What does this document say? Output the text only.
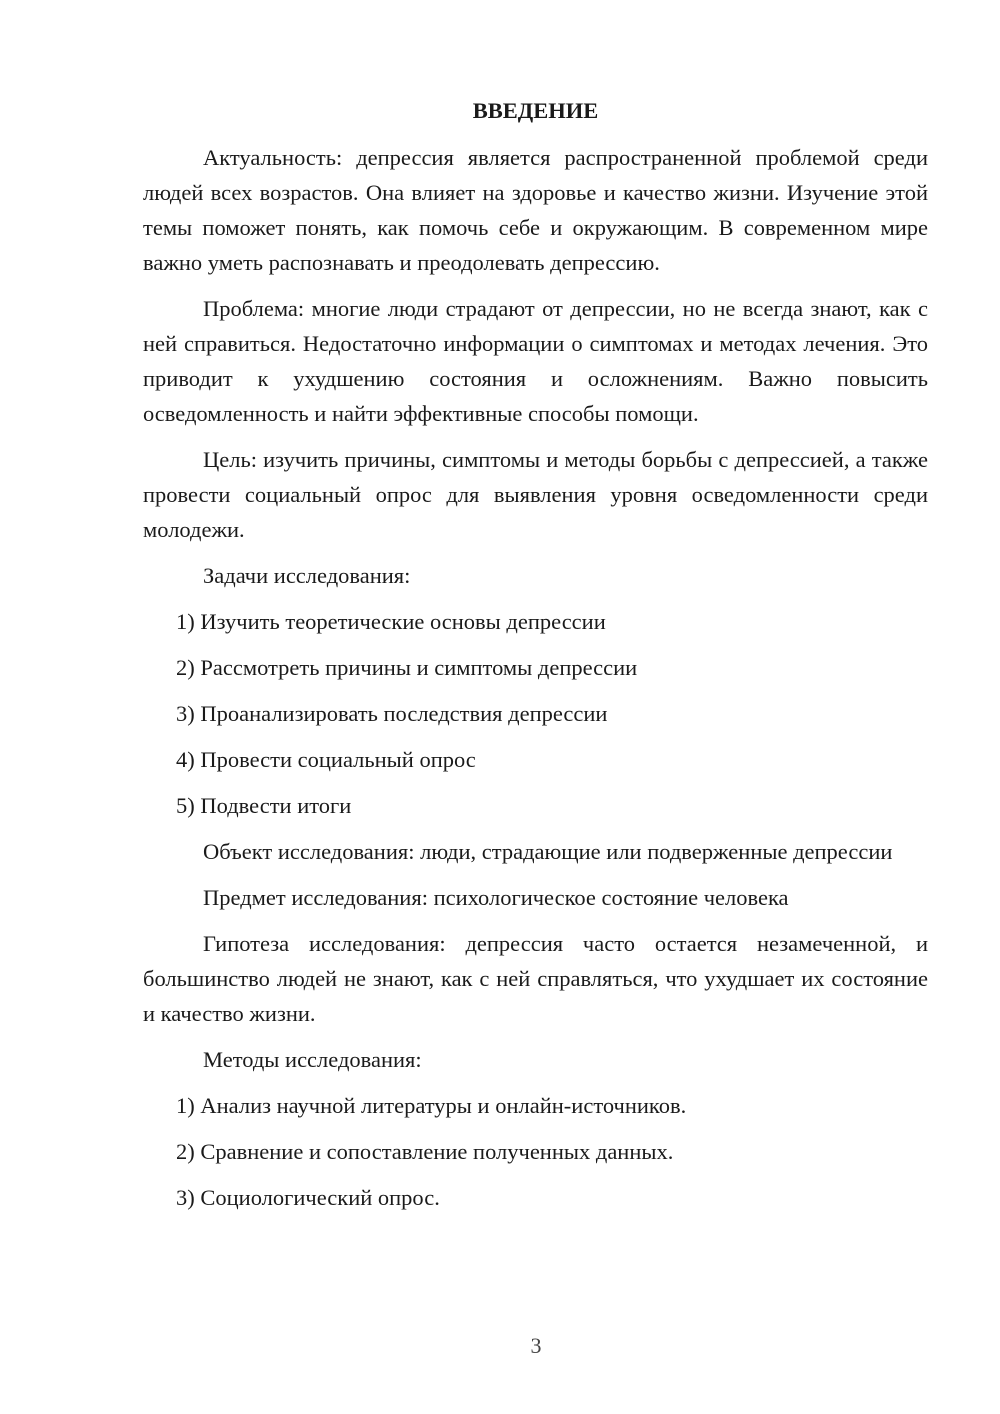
ВВЕДЕНИЕ

Актуальность: депрессия является распространенной проблемой среди людей всех возрастов. Она влияет на здоровье и качество жизни. Изучение этой темы поможет понять, как помочь себе и окружающим. В современном мире важно уметь распознавать и преодолевать депрессию.

Проблема: многие люди страдают от депрессии, но не всегда знают, как с ней справиться. Недостаточно информации о симптомах и методах лечения. Это приводит к ухудшению состояния и осложнениям. Важно повысить осведомленность и найти эффективные способы помощи.

Цель: изучить причины, симптомы и методы борьбы с депрессией, а также провести социальный опрос для выявления уровня осведомленности среди молодежи.

Задачи исследования:

1) Изучить теоретические основы депрессии

2) Рассмотреть причины и симптомы депрессии

3) Проанализировать последствия депрессии

4) Провести социальный опрос

5) Подвести итоги

Объект исследования: люди, страдающие или подверженные депрессии

Предмет исследования: психологическое состояние человека

Гипотеза исследования: депрессия часто остается незамеченной, и большинство людей не знают, как с ней справляться, что ухудшает их состояние и качество жизни.

Методы исследования:

1) Анализ научной литературы и онлайн-источников.

2) Сравнение и сопоставление полученных данных.

3) Социологический опрос.

3
